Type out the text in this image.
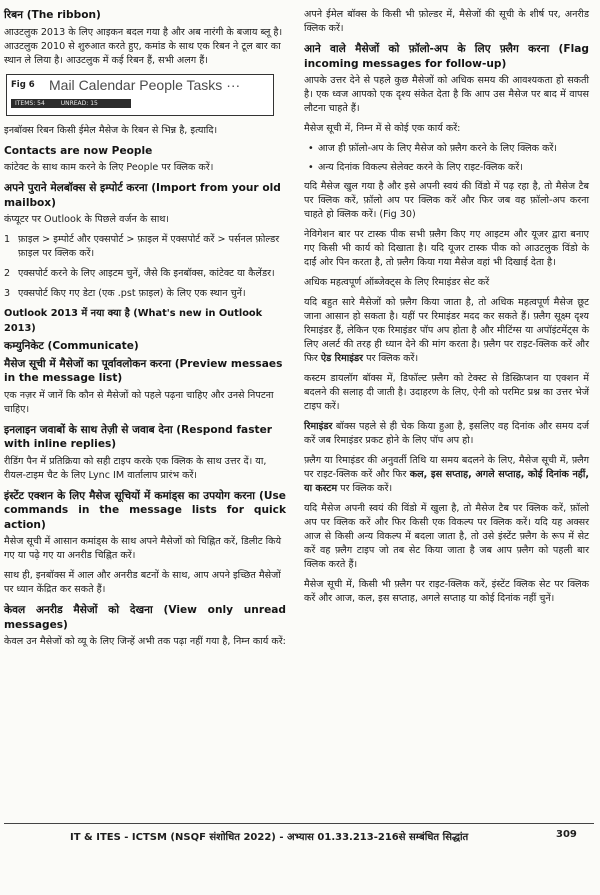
रिबन (The ribbon)

आउटलुक 2013 के लिए आइकन बदल गया है और अब नारंगी के बजाय ब्लू है। आउटलुक 2010 से शुरुआत करते हुए, कमांड के साथ एक रिबन ने टूल बार का स्थान ले लिया है। आउटलुक में कई रिबन हैं, सभी अलग हैं।

Fig 6 Mail Calendar People Tasks ···
ITEMS: 54	UNREAD: 15

इनबॉक्स रिबन किसी ईमेल मैसेज के रिबन से भिन्न है, इत्यादि।

Contacts are now People

कांटेक्ट के साथ काम करने के लिए People पर क्लिक करें।

अपने पुराने मेलबॉक्स से इम्पोर्ट करना (Import from your old mailbox)

कंप्यूटर पर Outlook के पिछले वर्जन के साथ।

1 फ़ाइल > इम्पोर्ट और एक्सपोर्ट > फ़ाइल में एक्सपोर्ट करें > पर्सनल फ़ोल्डर फ़ाइल पर क्लिक करें।
2 एक्सपोर्ट करने के लिए आइटम चुनें, जैसे कि इनबॉक्स, कांटेक्ट या कैलेंडर।
3 एक्सपोर्ट किए गए डेटा (एक .pst फ़ाइल) के लिए एक स्थान चुनें।
Outlook 2013 में नया क्या है (What's new in Outlook 2013)
कम्युनिकेट (Communicate)
मैसेज सूची में मैसेजों का पूर्वावलोकन करना (Preview messaes in the message list)

एक नज़र में जानें कि कौन से मैसेजों को पहले पढ़ना चाहिए और उनसे निपटना चाहिए।

इनलाइन जवाबों के साथ तेज़ी से जवाब देना (Respond faster with inline replies)

रीडिंग पैन में प्रतिक्रिया को सही टाइप करके एक क्लिक के साथ उत्तर दें। या, रीयल-टाइम चैट के लिए Lync IM वार्तालाप प्रारंभ करें।

इंस्टेंट एक्शन के लिए मैसेज सूचियों में कमांड्स का उपयोग करना (Use commands in the message lists for quick action)

मैसेज सूची में आसान कमांड्स के साथ अपने मैसेजों को चिह्नित करें, डिलीट किये गए या पढ़े गए या अनरीड चिह्नित करें।

साथ ही, इनबॉक्स में आल और अनरीड बटनों के साथ, आप अपने इच्छित मैसेजों पर ध्यान केंद्रित कर सकते हैं।

केवल अनरीड मैसेजों को देखना (View only unread messages)

केवल उन मैसेजों को व्यू के लिए जिन्हें अभी तक पढ़ा नहीं गया है, निम्न कार्य करें:

अपने ईमेल बॉक्स के किसी भी फ़ोल्डर में, मैसेजों की सूची के शीर्ष पर, अनरीड क्लिक करें।

आने वाले मैसेजों को फ़ॉलो-अप के लिए फ़्लैग करना (Flag incoming messages for follow-up)

आपके उत्तर देने से पहले कुछ मैसेजों को अधिक समय की आवश्यकता हो सकती है। एक ध्वज आपको एक दृश्य संकेत देता है कि आप उस मैसेज पर बाद में वापस लौटना चाहते हैं।

मैसेज सूची में, निम्न में से कोई एक कार्य करें:

• आज ही फ़ॉलो-अप के लिए मैसेज को फ़्लैग करने के लिए क्लिक करें।
• अन्य दिनांक विकल्प सेलेक्ट करने के लिए राइट-क्लिक करें।

यदि मैसेज खुल गया है और इसे अपनी स्वयं की विंडो में पढ़ रहा है, तो मैसेज टैब पर क्लिक करें, फ़ॉलो अप पर क्लिक करें और फिर जब वह फ़ॉलो-अप करना चाहते हो क्लिक करें। (Fig 30)

नेविगेशन बार पर टास्क पीक सभी फ़्लैग किए गए आइटम और यूजर द्वारा बनाए गए किसी भी कार्य को दिखाता है। यदि यूजर टास्क पीक को आउटलुक विंडो के दाईं ओर पिन करता है, तो फ़्लैग किया गया मैसेज वहां भी दिखाई देता है।

अधिक महत्वपूर्ण ऑब्जेक्ट्स के लिए रिमाइंडर सेट करें

यदि बहुत सारे मैसेजों को फ़्लैग किया जाता है, तो अधिक महत्वपूर्ण मैसेज छूट जाना आसान हो सकता है। यहीं पर रिमाइंडर मदद कर सकते हैं। फ़्लैग सूक्ष्म दृश्य रिमाइंडर हैं, लेकिन एक रिमाइंडर पॉप अप होता है और मीटिंग्स या अपॉइंटमेंट्स के लिए अलर्ट की तरह ही ध्यान देने की मांग करता है। फ़्लैग पर राइट-क्लिक करें और फिर ऐड रिमाइंडर पर क्लिक करें।

कस्टम डायलॉग बॉक्स में, डिफॉल्ट फ़्लैग को टेक्स्ट से डिस्क्रिप्शन या एक्शन में बदलने की सलाह दी जाती है। उदाहरण के लिए, ऐनी को परमिट प्रश्न का उत्तर भेजें टाइप करें।

रिमाइंडर बॉक्स पहले से ही चेक किया हुआ है, इसलिए वह दिनांक और समय दर्ज करें जब रिमाइंडर प्रकट होने के लिए पॉप अप हो।

फ़्लैग या रिमाइंडर की अनुवर्ती तिथि या समय बदलने के लिए, मैसेज सूची में, फ़्लैग पर राइट-क्लिक करें और फिर कल, इस सप्ताह, अगले सप्ताह, कोई दिनांक नहीं, या कस्टम पर क्लिक करें।

यदि मैसेज अपनी स्वयं की विंडो में खुला है, तो मैसेज टैब पर क्लिक करें, फ़ॉलो अप पर क्लिक करें और फिर किसी एक विकल्प पर क्लिक करें। यदि यह अक्सर आज से किसी अन्य विकल्प में बदला जाता है, तो उसे इंस्टेंट फ़्लैग के रूप में सेट करें वह फ़्लैग टाइप जो तब सेट किया जाता है जब आप फ़्लैग को पहली बार क्लिक करते हैं।

मैसेज सूची में, किसी भी फ़्लैग पर राइट-क्लिक करें, इंस्टेंट क्लिक सेट पर क्लिक करें और आज, कल, इस सप्ताह, अगले सप्ताह या कोई दिनांक नहीं चुनें।

IT & ITES - ICTSM (NSQF संशोधित 2022) - अभ्यास 01.33.213-216से सम्बंधित सिद्धांत	309
